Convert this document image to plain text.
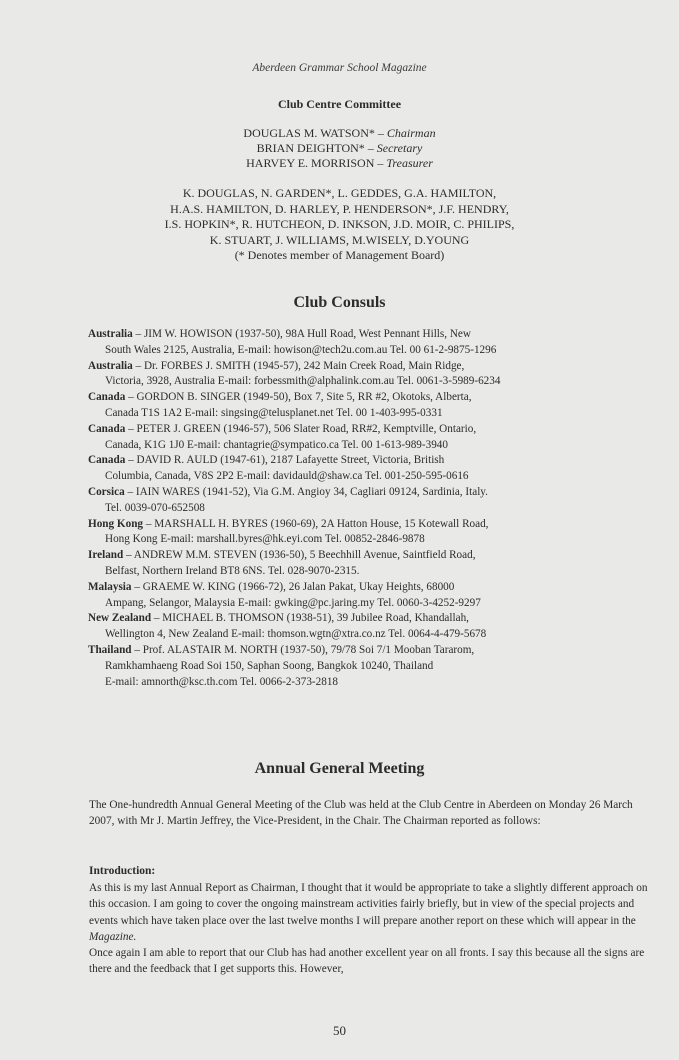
Aberdeen Grammar School Magazine
Club Centre Committee
DOUGLAS M. WATSON* – Chairman
BRIAN DEIGHTON* – Secretary
HARVEY E. MORRISON – Treasurer
K. DOUGLAS, N. GARDEN*, L. GEDDES, G.A. HAMILTON,
H.A.S. HAMILTON, D. HARLEY, P. HENDERSON*, J.F. HENDRY,
I.S. HOPKIN*, R. HUTCHEON, D. INKSON, J.D. MOIR, C. PHILIPS,
K. STUART, J. WILLIAMS, M.WISELY, D.YOUNG
(* Denotes member of Management Board)
Club Consuls
Australia – JIM W. HOWISON (1937-50), 98A Hull Road, West Pennant Hills, New
South Wales 2125, Australia, E-mail: howison@tech2u.com.au Tel. 00 61-2-9875-1296
Australia – Dr. FORBES J. SMITH (1945-57), 242 Main Creek Road, Main Ridge,
Victoria, 3928, Australia E-mail: forbessmith@alphalink.com.au Tel. 0061-3-5989-6234
Canada – GORDON B. SINGER (1949-50), Box 7, Site 5, RR #2, Okotoks, Alberta,
Canada T1S 1A2 E-mail: singsing@telusplanet.net Tel. 00 1-403-995-0331
Canada – PETER J. GREEN (1946-57), 506 Slater Road, RR#2, Kemptville, Ontario,
Canada, K1G 1J0 E-mail: chantagrie@sympatico.ca Tel. 00 1-613-989-3940
Canada – DAVID R. AULD (1947-61), 2187 Lafayette Street, Victoria, British
Columbia, Canada, V8S 2P2 E-mail: davidauld@shaw.ca Tel. 001-250-595-0616
Corsica – IAIN WARES (1941-52), Via G.M. Angioy 34, Cagliari 09124, Sardinia, Italy.
Tel. 0039-070-652508
Hong Kong – MARSHALL H. BYRES (1960-69), 2A Hatton House, 15 Kotewall Road,
Hong Kong E-mail: marshall.byres@hk.eyi.com Tel. 00852-2846-9878
Ireland – ANDREW M.M. STEVEN (1936-50), 5 Beechhill Avenue, Saintfield Road,
Belfast, Northern Ireland BT8 6NS. Tel. 028-9070-2315.
Malaysia – GRAEME W. KING (1966-72), 26 Jalan Pakat, Ukay Heights, 68000
Ampang, Selangor, Malaysia E-mail: gwking@pc.jaring.my Tel. 0060-3-4252-9297
New Zealand – MICHAEL B. THOMSON (1938-51), 39 Jubilee Road, Khandallah,
Wellington 4, New Zealand E-mail: thomson.wgtn@xtra.co.nz Tel. 0064-4-479-5678
Thailand – Prof. ALASTAIR M. NORTH (1937-50), 79/78 Soi 7/1 Mooban Tararom,
Ramkhamhaeng Road Soi 150, Saphan Soong, Bangkok 10240, Thailand
E-mail: amnorth@ksc.th.com Tel. 0066-2-373-2818
Annual General Meeting
The One-hundredth Annual General Meeting of the Club was held at the Club Centre in Aberdeen on Monday 26 March 2007, with Mr J. Martin Jeffrey, the Vice-President, in the Chair. The Chairman reported as follows:
Introduction:
As this is my last Annual Report as Chairman, I thought that it would be appropriate to take a slightly different approach on this occasion. I am going to cover the ongoing mainstream activities fairly briefly, but in view of the special projects and events which have taken place over the last twelve months I will prepare another report on these which will appear in the Magazine.
Once again I am able to report that our Club has had another excellent year on all fronts. I say this because all the signs are there and the feedback that I get supports this. However,
50
